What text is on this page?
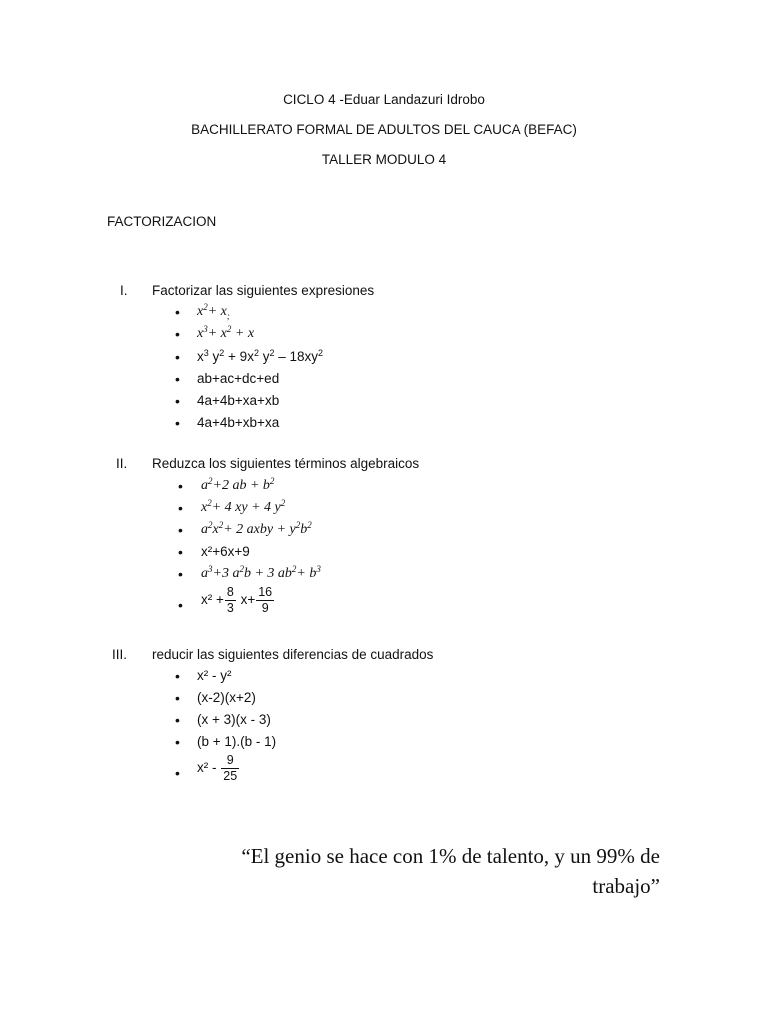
CICLO 4 -Eduar Landazuri Idrobo
BACHILLERATO FORMAL DE ADULTOS DEL CAUCA (BEFAC)
TALLER MODULO 4
FACTORIZACION
I. Factorizar las siguientes expresiones
• $x^2+ x_;$
• $x^3+ x^2 + x$
• $x^3$ $y^2 + 9x^2$ $y^2 - 18xy^2$
• ab+ac+dc+ed
• 4a+4b+xa+xb
• 4a+4b+xb+xa
II. Reduzca los siguientes términos algebraicos
• $a^2+2$ ab + $b^2$
• $x^2+ 4$ xy + 4 $y^2$
• $a^2x^2+ 2$ axby + $y^2b^2$
• x²+6x+9
• $a^3+3$ $a^2b + 3$ $ab^2+ b^3$
• $x^2 + \frac{8}{3} x+ \frac{16}{9}$
III. reducir las siguientes diferencias de cuadrados
• x² - y²
• (x-2)(x+2)
• (x + 3)(x - 3)
• (b + 1).(b - 1)
• $x^2 - \frac{9}{25}$
“El genio se hace con 1% de talento, y un 99% de
trabajo”
